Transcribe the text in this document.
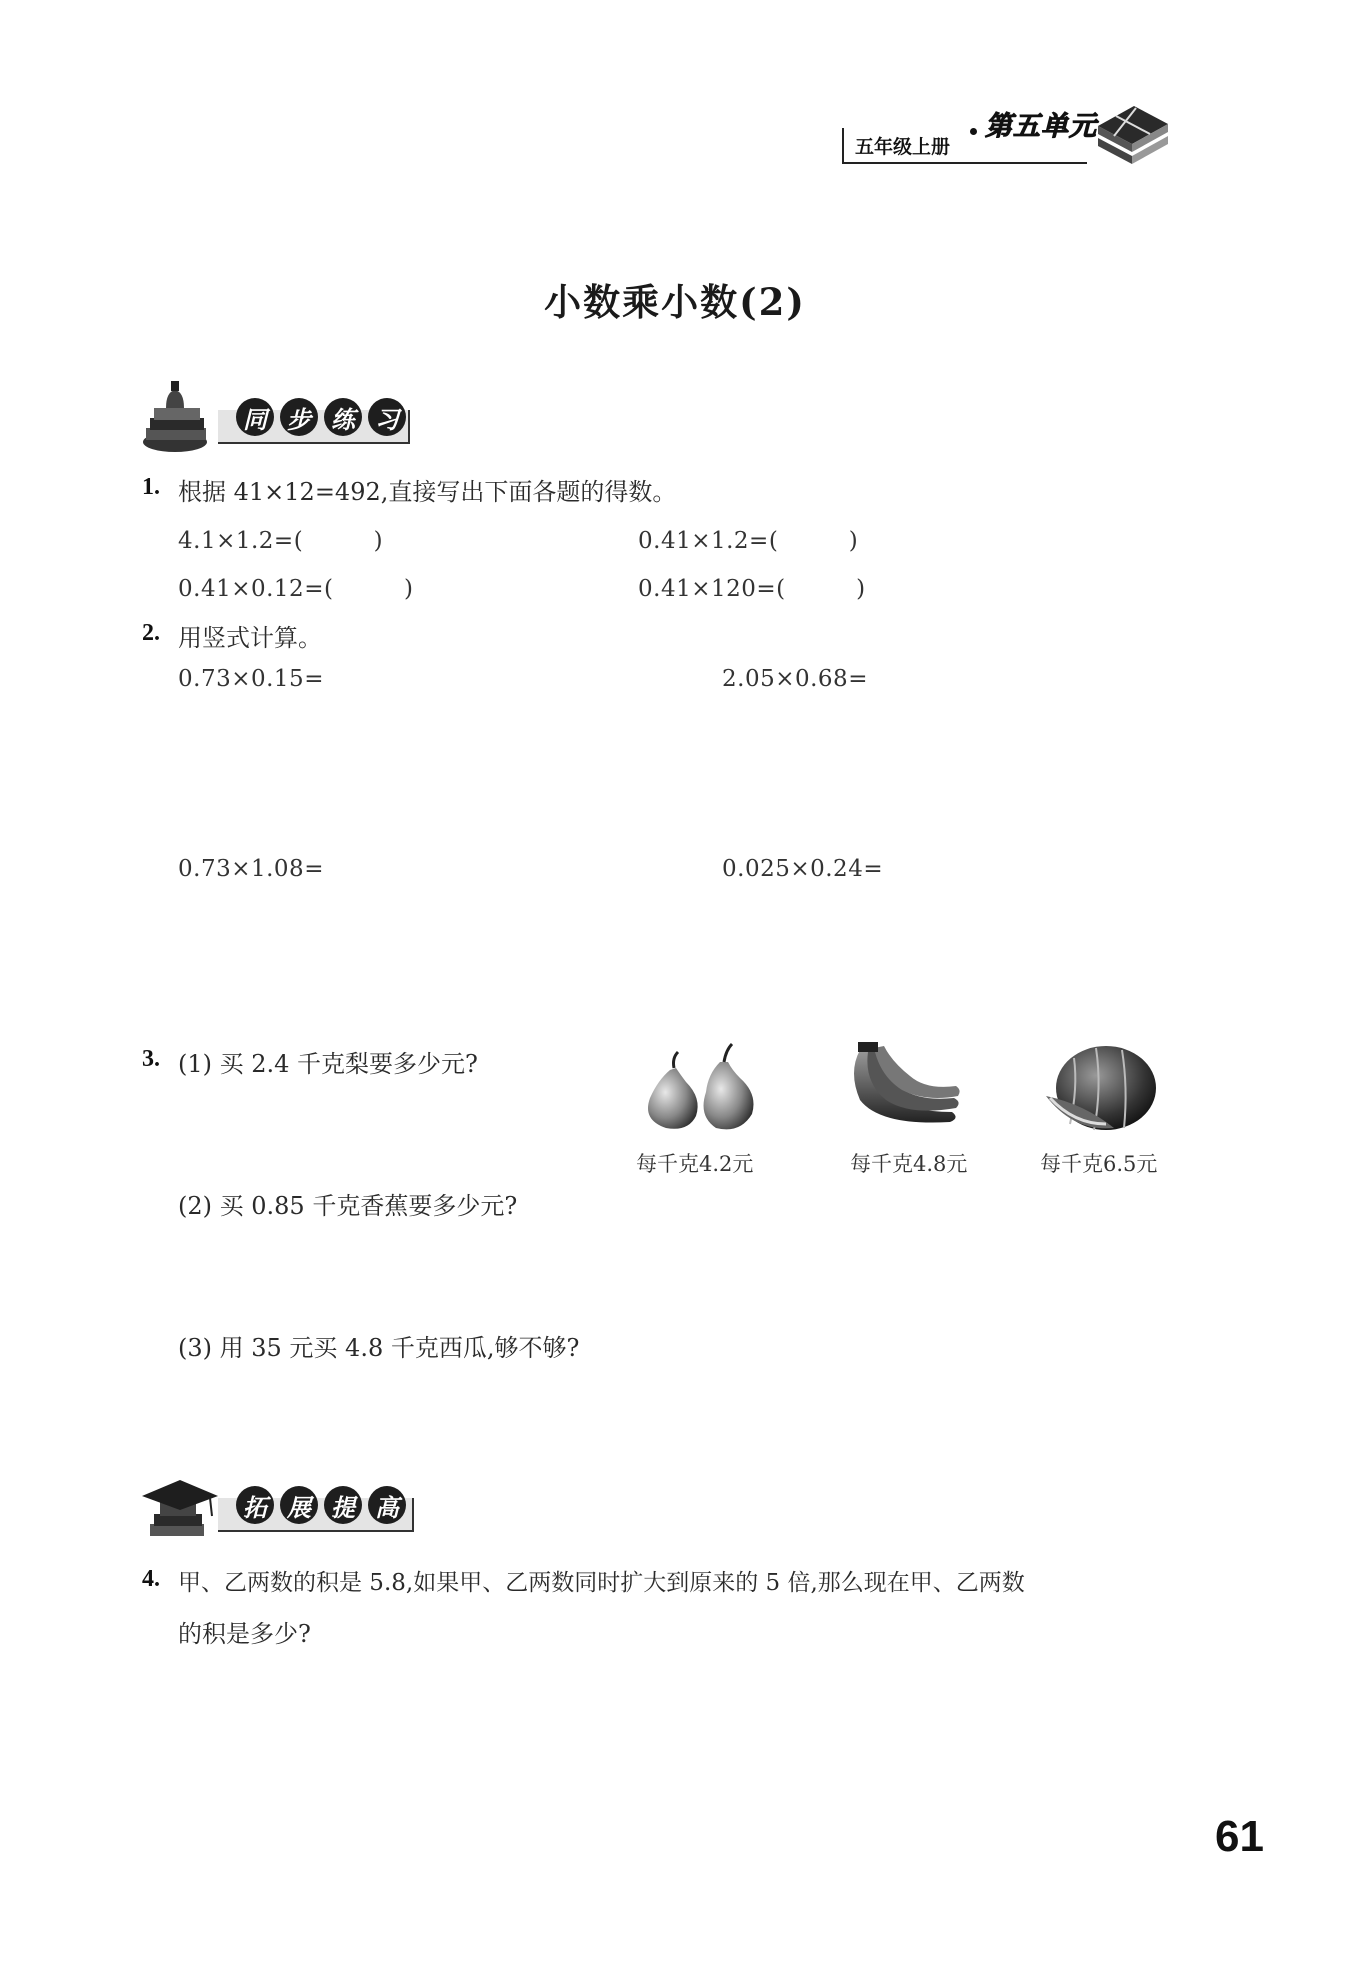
五年级上册
第五单元
小数乘小数(2)
同 步 练 习
1. 根据 41×12=492,直接写出下面各题的得数。
4.1×1.2=(　　　)	0.41×1.2=(　　　)
0.41×0.12=(　　　)	0.41×120=(　　　)
2. 用竖式计算。
0.73×0.15=	2.05×0.68=
0.73×1.08=	0.025×0.24=
3. (1) 买 2.4 千克梨要多少元?
(2) 买 0.85 千克香蕉要多少元?
(3) 用 35 元买 4.8 千克西瓜,够不够?
每千克4.2元	每千克4.8元	每千克6.5元
拓 展 提 高
4. 甲、乙两数的积是 5.8,如果甲、乙两数同时扩大到原来的 5 倍,那么现在甲、乙两数
的积是多少?
61
